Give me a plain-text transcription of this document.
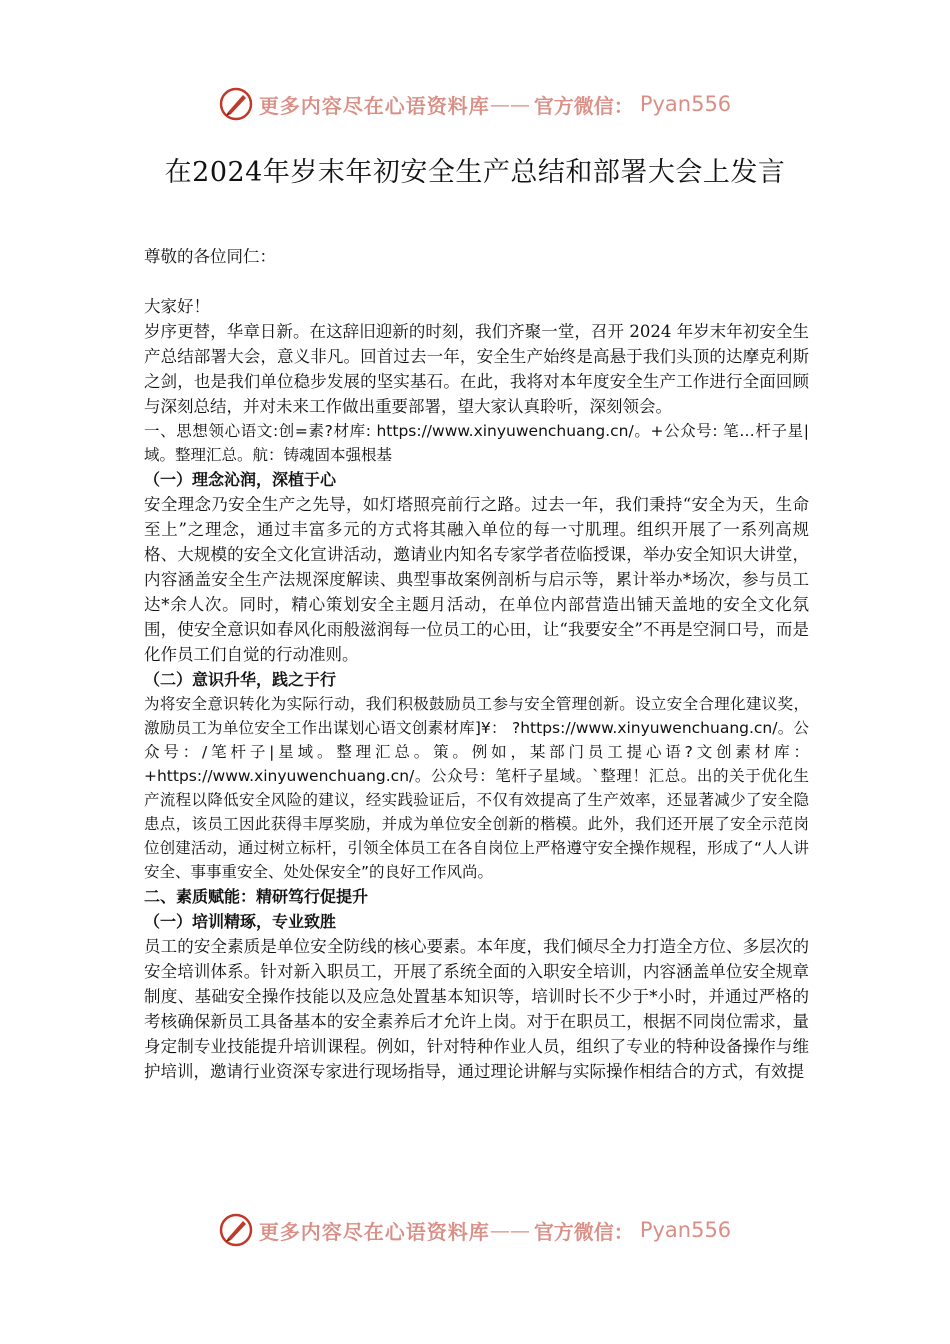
更多内容尽在心语资料库 —— 官方微信： Pyan556
在2024年岁末年初安全生产总结和部署大会上发言

尊敬的各位同仁：

大家好！

岁序更替，华章日新。在这辞旧迎新的时刻，我们齐聚一堂，召开 2024 年岁末年初安全生产总结部署大会，意义非凡。回首过去一年，安全生产始终是高悬于我们头顶的达摩克利斯之剑，也是我们单位稳步发展的坚实基石。在此，我将对本年度安全生产工作进行全面回顾与深刻总结，并对未来工作做出重要部署，望大家认真聆听，深刻领会。

一、思想领心语文:创=素?材库: https://www.xinyuwenchuang.cn/。+公众号: 笔…杆子星|域。整理汇总。航：铸魂固本强根基

（一）理念沁润，深植于心

安全理念乃安全生产之先导，如灯塔照亮前行之路。过去一年，我们秉持“安全为天，生命至上”之理念，通过丰富多元的方式将其融入单位的每一寸肌理。组织开展了一系列高规格、大规模的安全文化宣讲活动，邀请业内知名专家学者莅临授课，举办安全知识大讲堂，内容涵盖安全生产法规深度解读、典型事故案例剖析与启示等，累计举办*场次，参与员工达*余人次。同时，精心策划安全主题月活动，在单位内部营造出铺天盖地的安全文化氛围，使安全意识如春风化雨般滋润每一位员工的心田，让“我要安全”不再是空洞口号，而是化作员工们自觉的行动准则。

（二）意识升华，践之于行

为将安全意识转化为实际行动，我们积极鼓励员工参与安全管理创新。设立安全合理化建议奖，激励员工为单位安全工作出谋划心语文创素材库]¥： ?https://www.xinyuwenchuang.cn/。公众号：/笔杆子|星域。整理汇总。策。例如，某部门员工提心语?文创素材库：+https://www.xinyuwenchuang.cn/。公众号：笔杆子星域。`整理！汇总。出的关于优化生产流程以降低安全风险的建议，经实践验证后，不仅有效提高了生产效率，还显著减少了安全隐患点，该员工因此获得丰厚奖励，并成为单位安全创新的楷模。此外，我们还开展了安全示范岗位创建活动，通过树立标杆，引领全体员工在各自岗位上严格遵守安全操作规程，形成了“人人讲安全、事事重安全、处处保安全”的良好工作风尚。

二、素质赋能：精研笃行促提升

（一）培训精琢，专业致胜

员工的安全素质是单位安全防线的核心要素。本年度，我们倾尽全力打造全方位、多层次的安全培训体系。针对新入职员工，开展了系统全面的入职安全培训，内容涵盖单位安全规章制度、基础安全操作技能以及应急处置基本知识等，培训时长不少于*小时，并通过严格的考核确保新员工具备基本的安全素养后才允许上岗。对于在职员工，根据不同岗位需求，量身定制专业技能提升培训课程。例如，针对特种作业人员，组织了专业的特种设备操作与维护培训，邀请行业资深专家进行现场指导，通过理论讲解与实际操作相结合的方式，有效提

更多内容尽在心语资料库 —— 官方微信： Pyan556
